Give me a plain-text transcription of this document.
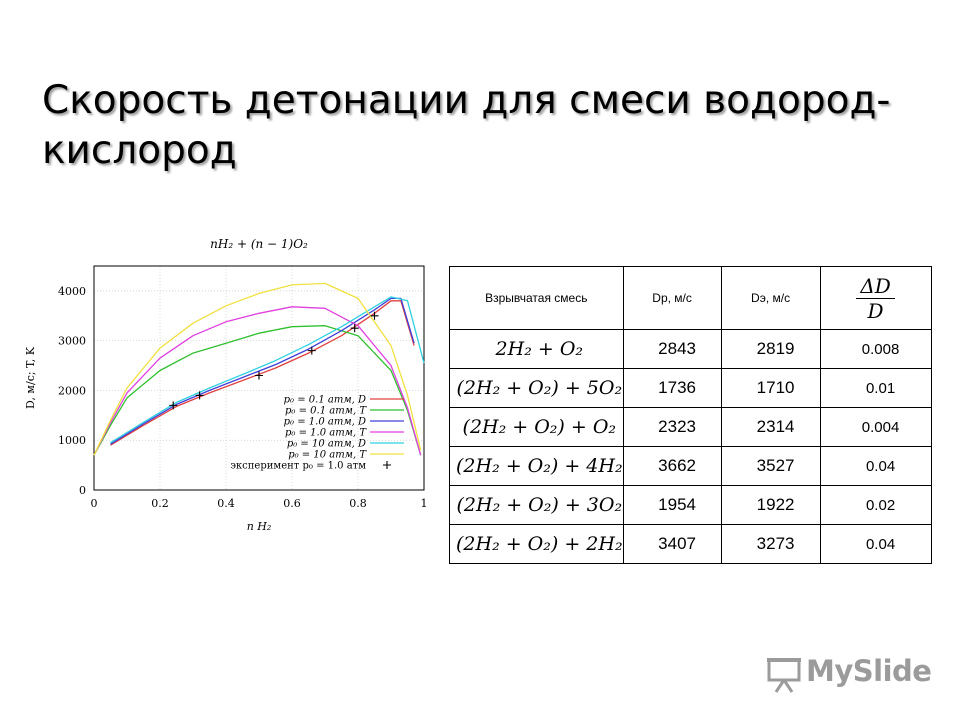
Скорость детонации для смеси водород-кислород
0	0.2	0.4	0.6	0.8	1
0
1000
2000
3000
4000
nH₂ + (n − 1)O₂
n H₂
D, м/с; T, K	p₀ = 0.1 атм, D
p₀ = 0.1 атм, T
p₀ = 1.0 атм, D
p₀ = 1.0 атм, T
p₀ = 10 атм, D
p₀ = 10 атм, T
эксперимент p₀ = 1.0 атм
Взрывчатая смесь	Dр, м/с	Dэ, м/с	$\frac{\Delta D}{D}$

2H₂ + O₂	2843	2819	0.008
(2H₂ + O₂) + 5O₂	1736	1710	0.01
(2H₂ + O₂) + O₂	2323	2314	0.004
(2H₂ + O₂) + 4H₂	3662	3527	0.04
(2H₂ + O₂) + 3O₂	1954	1922	0.02
(2H₂ + O₂) + 2H₂	3407	3273	0.04
MySlide
